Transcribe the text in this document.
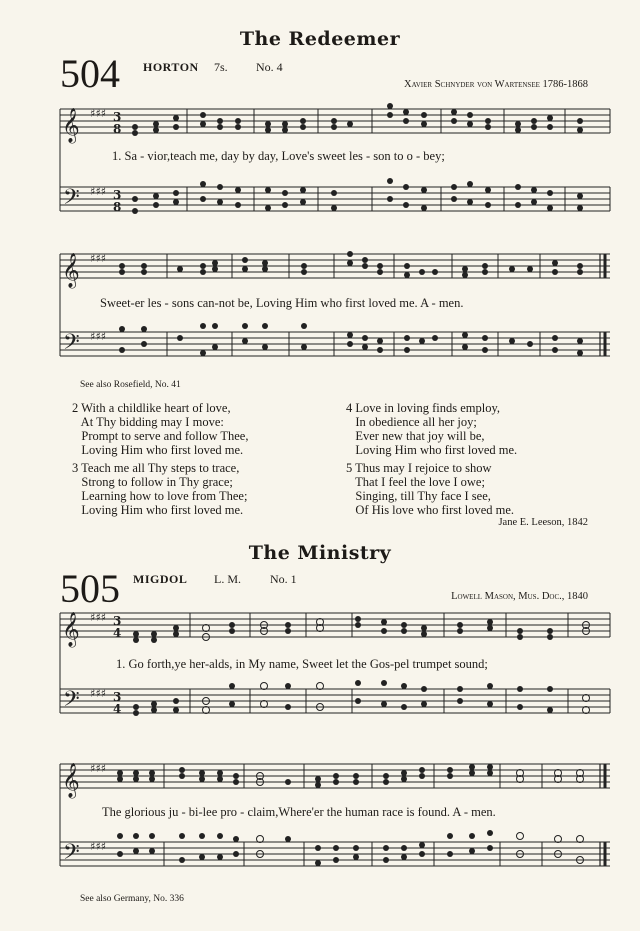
The Redeemer
504 HORTON 7s. No. 4
Xavier Schnyder von Wartensee 1786-1868
𝄞
𝄢
♯♯♯
♯♯♯
3
8
3
8
1. Sa - vior,teach me, day by day, Love's sweet les - son to o - bey;
𝄞
𝄢
♯♯♯
♯♯♯
Sweet-er les - sons can-not be, Loving Him who first loved me. A - men.
See also Rosefield, No. 41
2 With a childlike heart of love,
At Thy bidding may I move:
Prompt to serve and follow Thee,
Loving Him who first loved me.
3 Teach me all Thy steps to trace,
Strong to follow in Thy grace;
Learning how to love from Thee;
Loving Him who first loved me.
4 Love in loving finds employ,
In obedience all her joy;
Ever new that joy will be,
Loving Him who first loved me.
5 Thus may I rejoice to show
That I feel the love I owe;
Singing, till Thy face I see,
Of His love who first loved me.
Jane E. Leeson, 1842
The Ministry
505 MIGDOL L. M. No. 1
Lowell Mason, Mus. Doc., 1840
𝄞
𝄢
♯♯♯
♯♯♯
3
4
3
4
1. Go forth,ye her-alds, in My name, Sweet let the Gos-pel trumpet sound;
𝄞
𝄢
♯♯♯
♯♯♯
The glorious ju - bi-lee pro - claim,Where'er the human race is found. A - men.
See also Germany, No. 336
